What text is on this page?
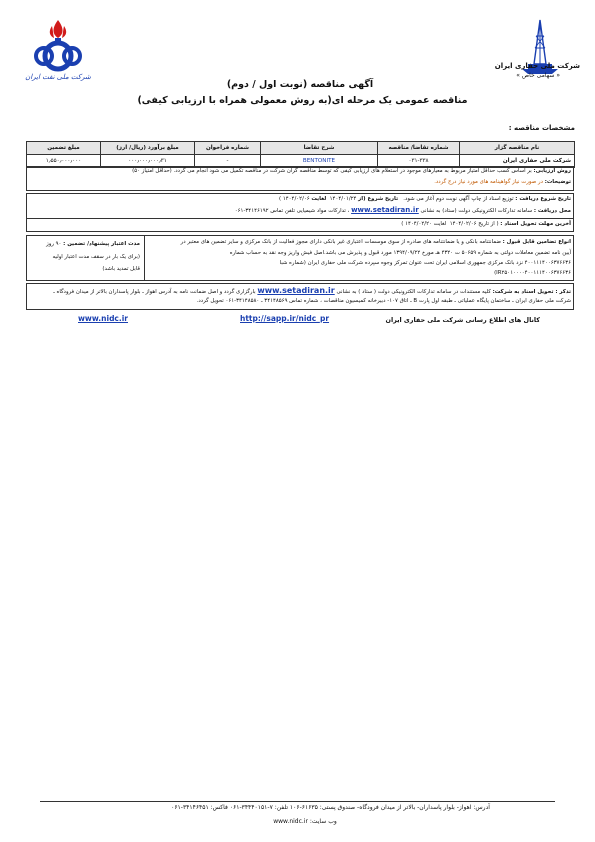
شرکت ملی نفت ایران
شرکت ملی حفاری ایران
« سهامی خاص »
آگهی مناقصه (نوبت اول / دوم)
مناقصه عمومی یک مرحله ای(به روش معمولی همراه با ارزیابی کیفی)
مشخصات مناقصه :
نام مناقصه گزار	شماره تقاضا/ مناقصه	شرح تقاضا	شماره فراخوان	مبلغ برآورد (ریال/ ارز)	مبلغ تضمین
شرکت ملی حفاری ایران	۰۳۱-۳۳۸	BENTONITE	-	۰۰۰٫۰۰۰٫۰۰۰٫۳۱	۱٫۵۵۰٫۰۰۰٫۰۰۰
روش ارزیابی: بر اساس کسب حداقل امتیاز مربوط به معیارهای موجود در استعلام های ارزیابی کیفی که توسط مناقصه گران شرکت در مناقصه تکمیل می شود انجام می گردد. (حداقل امتیاز ۵۰)
توضیحات: در صورت نیاز گواهینامه های مورد نیاز درج گردد.
تاریخ شروع دریافت : توزیع اسناد از چاپ آگهی نوبت دوم آغاز می شود.   تاریخ شروع (از ۱۴۰۴/۰۱/۲۴  لغایت ۱۴۰۴/۰۲/۰۶ )
محل دریافت : سامانه تدارکات الکترونیکی دولت (ستاد) به نشانی www.setadiran.ir ، تدارکات مواد شیمیایی تلفن تماس ۳۴۱۴۶۱۹۲-۰۶۱
آخرین مهلت تحویل اسناد : ( از تاریخ ۱۴۰۴/۰۲/۰۶  لغایت ۱۴۰۴/۰۲/۲۰ )
انواع تضامین قابل قبول : ضمانتنامه بانکی و یا ضمانتنامه های صادره از سوی موسسات اعتباری غیر بانکی دارای مجوز فعالیت از بانک مرکزی و سایر تضمین های معتبر در
آیین نامه تضمین معاملات دولتی به شماره ۵۰۶۵۹ ت ۴۳۲۰ هـ مورخ ۱۳۹۴/۰۹/۲۲ مورد قبول و پذیرش می باشد.اصل فیش واریز وجه نقد به حساب شماره
۴۰۰۱۱۱۴۰۰۶۳۷۶۶۳۶ نزد بانک مرکزی جمهوری اسلامی ایران تحت عنوان تمرکز وجوه سپرده شرکت ملی حفاری ایران (شماره شبا
IR۲۵۰۱۰۰۰۰۴۰۰۱۱۱۴۰۰۶۳۷۶۶۳۶)
مدت اعتبار پیشنهاد/ تضمین : ۹۰ روز
(برای یک بار در سقف مدت اعتبار اولیه
قابل تمدید باشد)
تذکر : تحویل اسناد به شرکت: کلیه مستندات در سامانه تدارکات الکترونیکی دولت ( ستاد ) به نشانی www.setadiran.ir بارگزاری گردد و اصل ضمانت نامه به آدرس اهواز ـ بلوار پاسداران بالاتر از میدان فرودگاه ـ
شرکت ملی حفاری ایران ـ ساختمان پایگاه عملیاتی ـ طبقه اول پارت B ـ اتاق ۱۰۷- دبیرخانه کمیسیون مناقصات ، شماره تماس ۳۴۱۴۸۵۶۹ ـ ۳۴۱۴۸۵۸۰-۰۶۱ تحویل گردد.
کانال های اطلاع رسانی شرکت ملی حفاری ایران
http://sapp.ir/nidc_pr
www.nidc.ir
آدرس: اهواز- بلوار پاسداران- بالاتر از میدان فرودگاه- صندوق پستی: ۶۱۶۳۵-۱۰۶ تلفن: ۷-۳۴۴۴۰۱۵۱-۰۶۱ فاکس: ۳۴۱۴۶۴۵۱-۰۶۱
وب سایت: www.nidc.ir
